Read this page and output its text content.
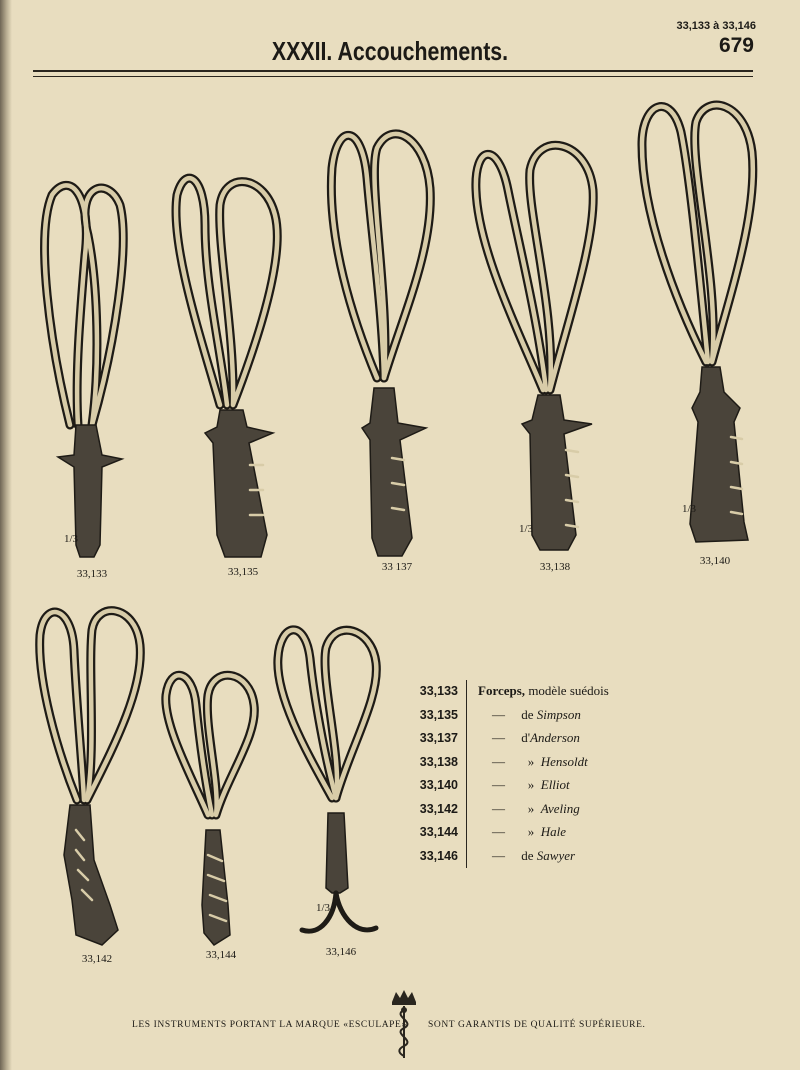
33,133 à 33,146
679
XXXII. Accouchements.
33,133	33,135	33 137	33,138	33,140
33,142	33,144	33,146
1/3
1/3
1/3
1/3
33,133 Forceps, modèle suédois
33,135	— de Simpson
33,137	— d'Anderson
33,138	— » Hensoldt
33,140	— » Elliot
33,142	— » Aveling
33,144	— » Hale
33,146	— de Sawyer
LES INSTRUMENTS PORTANT LA MARQUE «ESCULAPE» SONT GARANTIS DE QUALITÉ SUPÉRIEURE.
